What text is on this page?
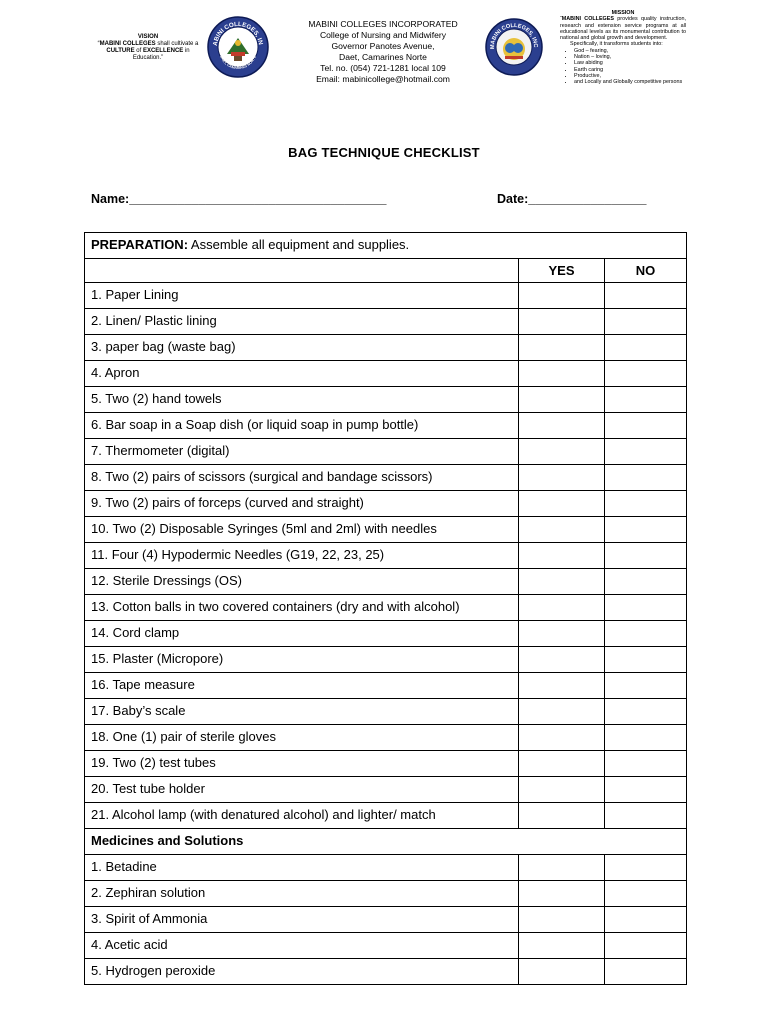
VISION
“MABINI COLLEGES shall cultivate a CULTURE of EXCELLENCE in Education.”
ABINI COLLEGES, IN
DAET, CAMARINES NORTE
MABINI COLLEGES INCORPORATED
College of Nursing and Midwifery
Governor Panotes Avenue,
Daet, Camarines Norte
Tel. no. (054) 721-1281 local 109
Email: mabinicollege@hotmail.com
MABINI COLLEGES, INC
MISSION
“MABINI COLLEGES provides quality instruction, research and extension service programs at all educational levels as its monumental contribution to national and global growth and development.
Specifically, it transforms students into:
• God – fearing,
• Nation – loving,
• Law abiding
• Earth caring
• Productive,
• and Locally and Globally competitive persons
BAG TECHNIQUE CHECKLIST
Name:_____________________________________	Date:_________________
PREPARATION: Assemble all equipment and supplies.		
	YES	NO
1. Paper Lining		
2. Linen/ Plastic lining		
3. paper bag (waste bag)		
4. Apron		
5. Two (2) hand towels		
6. Bar soap in a Soap dish (or liquid soap in pump bottle)		
7. Thermometer (digital)		
8. Two (2) pairs of scissors (surgical and bandage scissors)		
9. Two (2) pairs of forceps (curved and straight)		
10. Two (2) Disposable Syringes (5ml and 2ml) with needles		
11. Four (4) Hypodermic Needles (G19, 22, 23, 25)		
12. Sterile Dressings (OS)		
13. Cotton balls in two covered containers (dry and with alcohol)		
14. Cord clamp		
15. Plaster (Micropore)		
16. Tape measure		
17. Baby’s scale		
18. One (1) pair of sterile gloves		
19. Two (2) test tubes		
20. Test tube holder		
21. Alcohol lamp (with denatured alcohol) and lighter/ match		
Medicines and Solutions		
1. Betadine		
2. Zephiran solution		
3. Spirit of Ammonia		
4. Acetic acid		
5. Hydrogen peroxide		
